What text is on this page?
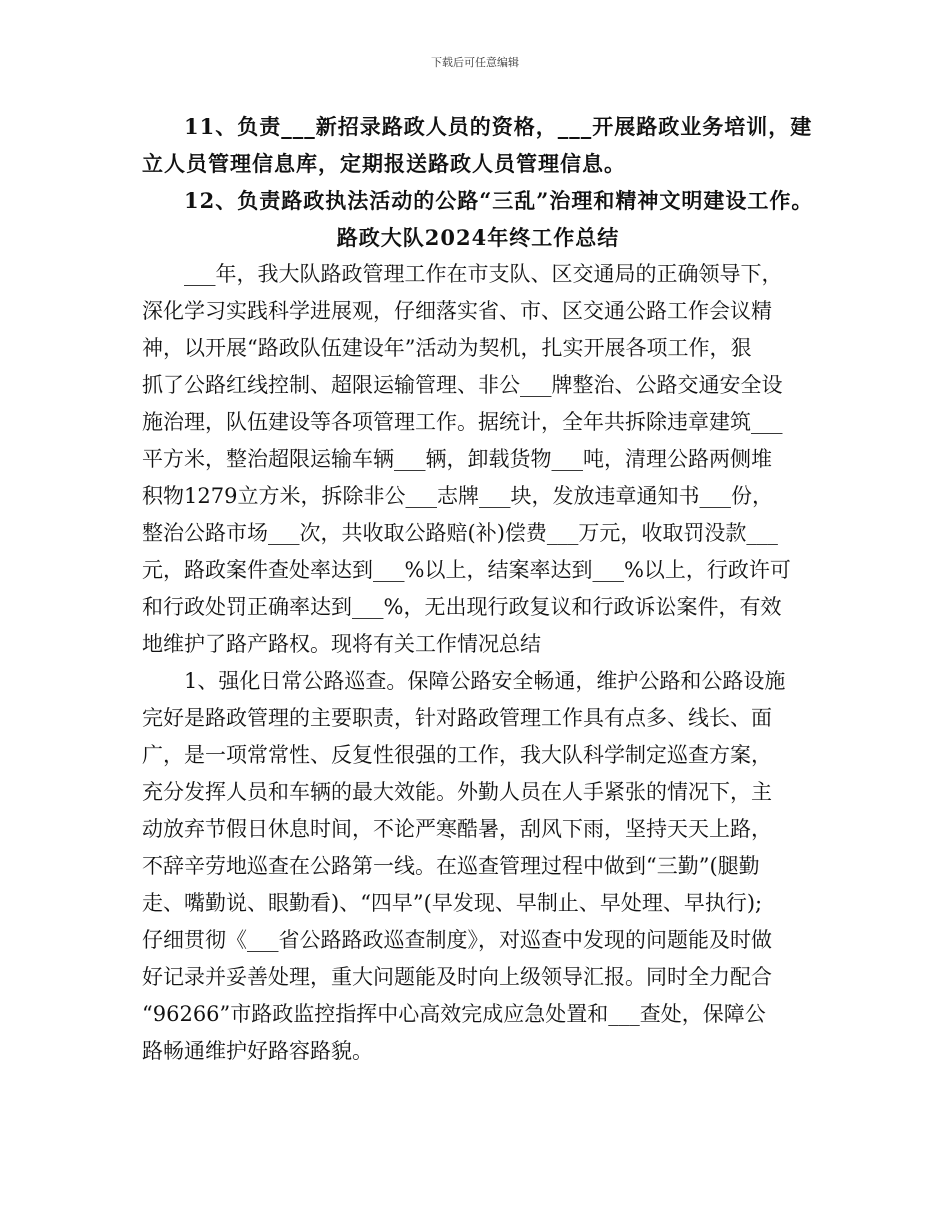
下载后可任意编辑
11、负责___新招录路政人员的资格，___开展路政业务培训，建
立人员管理信息库，定期报送路政人员管理信息。
12、负责路政执法活动的公路“三乱”治理和精神文明建设工作。
路政大队2024年终工作总结
___年，我大队路政管理工作在市支队、区交通局的正确领导下，
深化学习实践科学进展观，仔细落实省、市、区交通公路工作会议精
神，以开展“路政队伍建设年”活动为契机，扎实开展各项工作，狠
抓了公路红线控制、超限运输管理、非公___牌整治、公路交通安全设
施治理，队伍建设等各项管理工作。据统计，全年共拆除违章建筑___
平方米，整治超限运输车辆___辆，卸载货物___吨，清理公路两侧堆
积物1279立方米，拆除非公___志牌___块，发放违章通知书___份，
整治公路市场___次，共收取公路赔(补)偿费___万元，收取罚没款___
元，路政案件查处率达到___%以上，结案率达到___%以上，行政许可
和行政处罚正确率达到___%，无出现行政复议和行政诉讼案件，有效
地维护了路产路权。现将有关工作情况总结
1、强化日常公路巡查。保障公路安全畅通，维护公路和公路设施
完好是路政管理的主要职责，针对路政管理工作具有点多、线长、面
广，是一项常常性、反复性很强的工作，我大队科学制定巡查方案，
充分发挥人员和车辆的最大效能。外勤人员在人手紧张的情况下，主
动放弃节假日休息时间，不论严寒酷暑，刮风下雨，坚持天天上路，
不辞辛劳地巡查在公路第一线。在巡查管理过程中做到“三勤”(腿勤
走、嘴勤说、眼勤看)、“四早”(早发现、早制止、早处理、早执行);
仔细贯彻《___省公路路政巡查制度》，对巡查中发现的问题能及时做
好记录并妥善处理，重大问题能及时向上级领导汇报。同时全力配合
“96266”市路政监控指挥中心高效完成应急处置和___查处，保障公
路畅通维护好路容路貌。
